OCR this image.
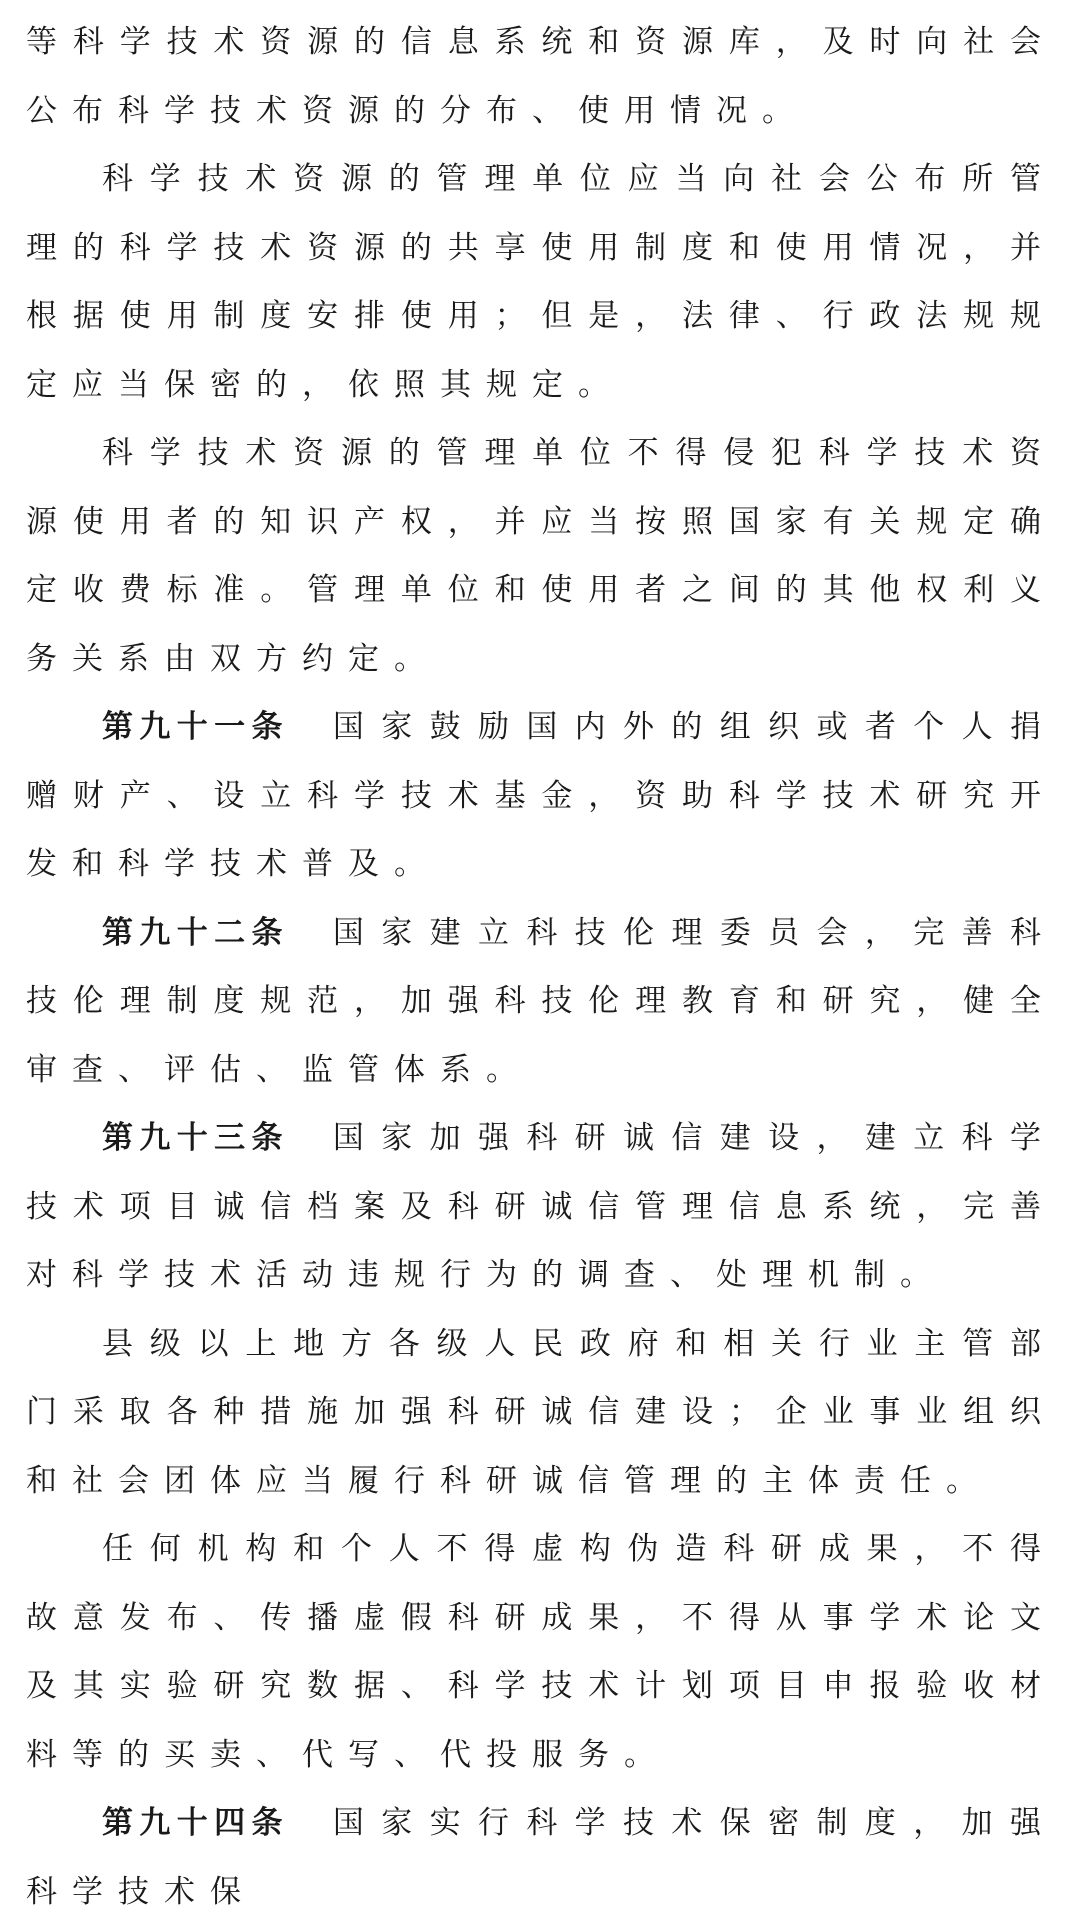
等科学技术资源的信息系统和资源库，及时向社会公布科学技术资源的分布、使用情况。

科学技术资源的管理单位应当向社会公布所管理的科学技术资源的共享使用制度和使用情况，并根据使用制度安排使用；但是，法律、行政法规规定应当保密的，依照其规定。

科学技术资源的管理单位不得侵犯科学技术资源使用者的知识产权，并应当按照国家有关规定确定收费标准。管理单位和使用者之间的其他权利义务关系由双方约定。

第九十一条 国家鼓励国内外的组织或者个人捐赠财产、设立科学技术基金，资助科学技术研究开发和科学技术普及。

第九十二条 国家建立科技伦理委员会，完善科技伦理制度规范，加强科技伦理教育和研究，健全审查、评估、监管体系。

第九十三条 国家加强科研诚信建设，建立科学技术项目诚信档案及科研诚信管理信息系统，完善对科学技术活动违规行为的调查、处理机制。

县级以上地方各级人民政府和相关行业主管部门采取各种措施加强科研诚信建设；企业事业组织和社会团体应当履行科研诚信管理的主体责任。

任何机构和个人不得虚构伪造科研成果，不得故意发布、传播虚假科研成果，不得从事学术论文及其实验研究数据、科学技术计划项目申报验收材料等的买卖、代写、代投服务。

第九十四条 国家实行科学技术保密制度，加强科学技术保
